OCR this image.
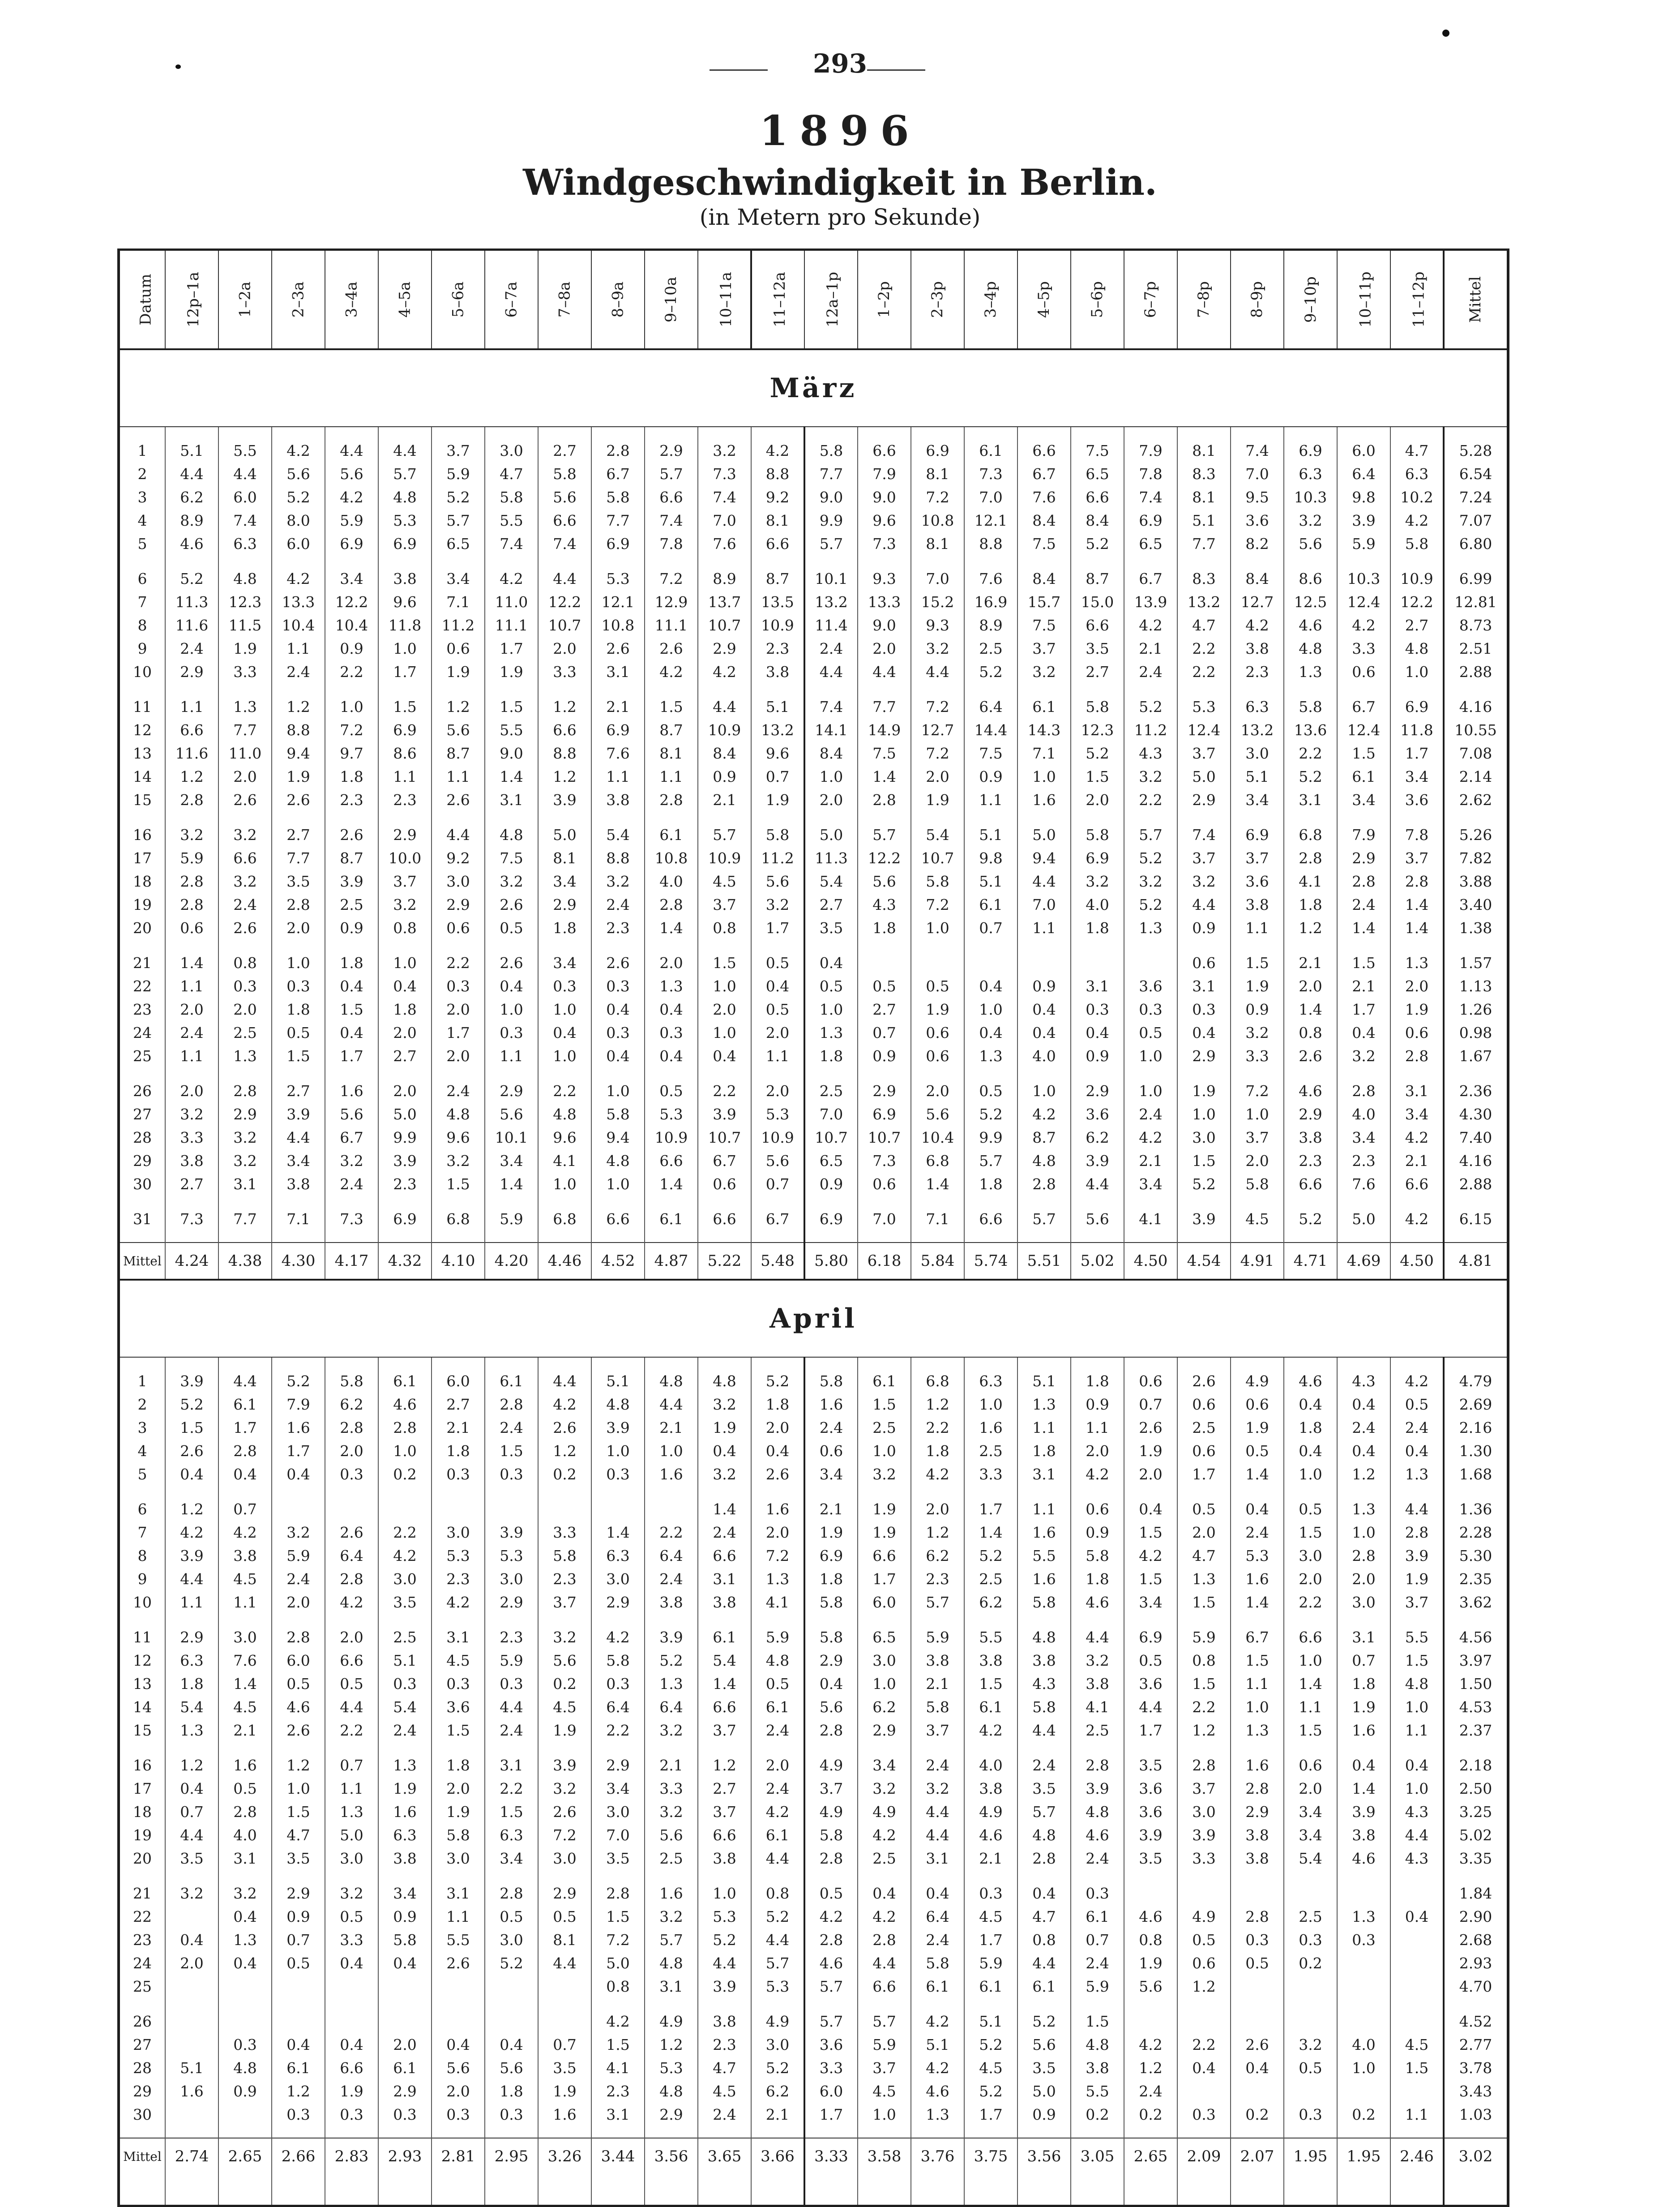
293
1896
Windgeschwindigkeit in Berlin.
(in Metern pro Sekunde)
Datum	12p–1a	1–2a	2–3a	3–4a	4–5a	5–6a	6–7a	7–8a	8–9a	9–10a	10–11a	11–12a	12a–1p	1–2p	2–3p	3–4p	4–5p	5–6p	6–7p	7–8p	8–9p	9–10p	10–11p	11–12p	Mittel
März																									

1	5.1	5.5	4.2	4.4	4.4	3.7	3.0	2.7	2.8	2.9	3.2	4.2	5.8	6.6	6.9	6.1	6.6	7.5	7.9	8.1	7.4	6.9	6.0	4.7	5.28
2	4.4	4.4	5.6	5.6	5.7	5.9	4.7	5.8	6.7	5.7	7.3	8.8	7.7	7.9	8.1	7.3	6.7	6.5	7.8	8.3	7.0	6.3	6.4	6.3	6.54
3	6.2	6.0	5.2	4.2	4.8	5.2	5.8	5.6	5.8	6.6	7.4	9.2	9.0	9.0	7.2	7.0	7.6	6.6	7.4	8.1	9.5	10.3	9.8	10.2	7.24
4	8.9	7.4	8.0	5.9	5.3	5.7	5.5	6.6	7.7	7.4	7.0	8.1	9.9	9.6	10.8	12.1	8.4	8.4	6.9	5.1	3.6	3.2	3.9	4.2	7.07
5	4.6	6.3	6.0	6.9	6.9	6.5	7.4	7.4	6.9	7.8	7.6	6.6	5.7	7.3	8.1	8.8	7.5	5.2	6.5	7.7	8.2	5.6	5.9	5.8	6.80

6	5.2	4.8	4.2	3.4	3.8	3.4	4.2	4.4	5.3	7.2	8.9	8.7	10.1	9.3	7.0	7.6	8.4	8.7	6.7	8.3	8.4	8.6	10.3	10.9	6.99
7	11.3	12.3	13.3	12.2	9.6	7.1	11.0	12.2	12.1	12.9	13.7	13.5	13.2	13.3	15.2	16.9	15.7	15.0	13.9	13.2	12.7	12.5	12.4	12.2	12.81
8	11.6	11.5	10.4	10.4	11.8	11.2	11.1	10.7	10.8	11.1	10.7	10.9	11.4	9.0	9.3	8.9	7.5	6.6	4.2	4.7	4.2	4.6	4.2	2.7	8.73
9	2.4	1.9	1.1	0.9	1.0	0.6	1.7	2.0	2.6	2.6	2.9	2.3	2.4	2.0	3.2	2.5	3.7	3.5	2.1	2.2	3.8	4.8	3.3	4.8	2.51
10	2.9	3.3	2.4	2.2	1.7	1.9	1.9	3.3	3.1	4.2	4.2	3.8	4.4	4.4	4.4	5.2	3.2	2.7	2.4	2.2	2.3	1.3	0.6	1.0	2.88

11	1.1	1.3	1.2	1.0	1.5	1.2	1.5	1.2	2.1	1.5	4.4	5.1	7.4	7.7	7.2	6.4	6.1	5.8	5.2	5.3	6.3	5.8	6.7	6.9	4.16
12	6.6	7.7	8.8	7.2	6.9	5.6	5.5	6.6	6.9	8.7	10.9	13.2	14.1	14.9	12.7	14.4	14.3	12.3	11.2	12.4	13.2	13.6	12.4	11.8	10.55
13	11.6	11.0	9.4	9.7	8.6	8.7	9.0	8.8	7.6	8.1	8.4	9.6	8.4	7.5	7.2	7.5	7.1	5.2	4.3	3.7	3.0	2.2	1.5	1.7	7.08
14	1.2	2.0	1.9	1.8	1.1	1.1	1.4	1.2	1.1	1.1	0.9	0.7	1.0	1.4	2.0	0.9	1.0	1.5	3.2	5.0	5.1	5.2	6.1	3.4	2.14
15	2.8	2.6	2.6	2.3	2.3	2.6	3.1	3.9	3.8	2.8	2.1	1.9	2.0	2.8	1.9	1.1	1.6	2.0	2.2	2.9	3.4	3.1	3.4	3.6	2.62

16	3.2	3.2	2.7	2.6	2.9	4.4	4.8	5.0	5.4	6.1	5.7	5.8	5.0	5.7	5.4	5.1	5.0	5.8	5.7	7.4	6.9	6.8	7.9	7.8	5.26
17	5.9	6.6	7.7	8.7	10.0	9.2	7.5	8.1	8.8	10.8	10.9	11.2	11.3	12.2	10.7	9.8	9.4	6.9	5.2	3.7	3.7	2.8	2.9	3.7	7.82
18	2.8	3.2	3.5	3.9	3.7	3.0	3.2	3.4	3.2	4.0	4.5	5.6	5.4	5.6	5.8	5.1	4.4	3.2	3.2	3.2	3.6	4.1	2.8	2.8	3.88
19	2.8	2.4	2.8	2.5	3.2	2.9	2.6	2.9	2.4	2.8	3.7	3.2	2.7	4.3	7.2	6.1	7.0	4.0	5.2	4.4	3.8	1.8	2.4	1.4	3.40
20	0.6	2.6	2.0	0.9	0.8	0.6	0.5	1.8	2.3	1.4	0.8	1.7	3.5	1.8	1.0	0.7	1.1	1.8	1.3	0.9	1.1	1.2	1.4	1.4	1.38

21	1.4	0.8	1.0	1.8	1.0	2.2	2.6	3.4	2.6	2.0	1.5	0.5	0.4							0.6	1.5	2.1	1.5	1.3	1.57
22	1.1	0.3	0.3	0.4	0.4	0.3	0.4	0.3	0.3	1.3	1.0	0.4	0.5	0.5	0.5	0.4	0.9	3.1	3.6	3.1	1.9	2.0	2.1	2.0	1.13
23	2.0	2.0	1.8	1.5	1.8	2.0	1.0	1.0	0.4	0.4	2.0	0.5	1.0	2.7	1.9	1.0	0.4	0.3	0.3	0.3	0.9	1.4	1.7	1.9	1.26
24	2.4	2.5	0.5	0.4	2.0	1.7	0.3	0.4	0.3	0.3	1.0	2.0	1.3	0.7	0.6	0.4	0.4	0.4	0.5	0.4	3.2	0.8	0.4	0.6	0.98
25	1.1	1.3	1.5	1.7	2.7	2.0	1.1	1.0	0.4	0.4	0.4	1.1	1.8	0.9	0.6	1.3	4.0	0.9	1.0	2.9	3.3	2.6	3.2	2.8	1.67

26	2.0	2.8	2.7	1.6	2.0	2.4	2.9	2.2	1.0	0.5	2.2	2.0	2.5	2.9	2.0	0.5	1.0	2.9	1.0	1.9	7.2	4.6	2.8	3.1	2.36
27	3.2	2.9	3.9	5.6	5.0	4.8	5.6	4.8	5.8	5.3	3.9	5.3	7.0	6.9	5.6	5.2	4.2	3.6	2.4	1.0	1.0	2.9	4.0	3.4	4.30
28	3.3	3.2	4.4	6.7	9.9	9.6	10.1	9.6	9.4	10.9	10.7	10.9	10.7	10.7	10.4	9.9	8.7	6.2	4.2	3.0	3.7	3.8	3.4	4.2	7.40
29	3.8	3.2	3.4	3.2	3.9	3.2	3.4	4.1	4.8	6.6	6.7	5.6	6.5	7.3	6.8	5.7	4.8	3.9	2.1	1.5	2.0	2.3	2.3	2.1	4.16
30	2.7	3.1	3.8	2.4	2.3	1.5	1.4	1.0	1.0	1.4	0.6	0.7	0.9	0.6	1.4	1.8	2.8	4.4	3.4	5.2	5.8	6.6	7.6	6.6	2.88

31	7.3	7.7	7.1	7.3	6.9	6.8	5.9	6.8	6.6	6.1	6.6	6.7	6.9	7.0	7.1	6.6	5.7	5.6	4.1	3.9	4.5	5.2	5.0	4.2	6.15

Mittel	4.24	4.38	4.30	4.17	4.32	4.10	4.20	4.46	4.52	4.87	5.22	5.48	5.80	6.18	5.84	5.74	5.51	5.02	4.50	4.54	4.91	4.71	4.69	4.50	4.81
April																									

1	3.9	4.4	5.2	5.8	6.1	6.0	6.1	4.4	5.1	4.8	4.8	5.2	5.8	6.1	6.8	6.3	5.1	1.8	0.6	2.6	4.9	4.6	4.3	4.2	4.79
2	5.2	6.1	7.9	6.2	4.6	2.7	2.8	4.2	4.8	4.4	3.2	1.8	1.6	1.5	1.2	1.0	1.3	0.9	0.7	0.6	0.6	0.4	0.4	0.5	2.69
3	1.5	1.7	1.6	2.8	2.8	2.1	2.4	2.6	3.9	2.1	1.9	2.0	2.4	2.5	2.2	1.6	1.1	1.1	2.6	2.5	1.9	1.8	2.4	2.4	2.16
4	2.6	2.8	1.7	2.0	1.0	1.8	1.5	1.2	1.0	1.0	0.4	0.4	0.6	1.0	1.8	2.5	1.8	2.0	1.9	0.6	0.5	0.4	0.4	0.4	1.30
5	0.4	0.4	0.4	0.3	0.2	0.3	0.3	0.2	0.3	1.6	3.2	2.6	3.4	3.2	4.2	3.3	3.1	4.2	2.0	1.7	1.4	1.0	1.2	1.3	1.68

6	1.2	0.7									1.4	1.6	2.1	1.9	2.0	1.7	1.1	0.6	0.4	0.5	0.4	0.5	1.3	4.4	1.36
7	4.2	4.2	3.2	2.6	2.2	3.0	3.9	3.3	1.4	2.2	2.4	2.0	1.9	1.9	1.2	1.4	1.6	0.9	1.5	2.0	2.4	1.5	1.0	2.8	2.28
8	3.9	3.8	5.9	6.4	4.2	5.3	5.3	5.8	6.3	6.4	6.6	7.2	6.9	6.6	6.2	5.2	5.5	5.8	4.2	4.7	5.3	3.0	2.8	3.9	5.30
9	4.4	4.5	2.4	2.8	3.0	2.3	3.0	2.3	3.0	2.4	3.1	1.3	1.8	1.7	2.3	2.5	1.6	1.8	1.5	1.3	1.6	2.0	2.0	1.9	2.35
10	1.1	1.1	2.0	4.2	3.5	4.2	2.9	3.7	2.9	3.8	3.8	4.1	5.8	6.0	5.7	6.2	5.8	4.6	3.4	1.5	1.4	2.2	3.0	3.7	3.62

11	2.9	3.0	2.8	2.0	2.5	3.1	2.3	3.2	4.2	3.9	6.1	5.9	5.8	6.5	5.9	5.5	4.8	4.4	6.9	5.9	6.7	6.6	3.1	5.5	4.56
12	6.3	7.6	6.0	6.6	5.1	4.5	5.9	5.6	5.8	5.2	5.4	4.8	2.9	3.0	3.8	3.8	3.8	3.2	0.5	0.8	1.5	1.0	0.7	1.5	3.97
13	1.8	1.4	0.5	0.5	0.3	0.3	0.3	0.2	0.3	1.3	1.4	0.5	0.4	1.0	2.1	1.5	4.3	3.8	3.6	1.5	1.1	1.4	1.8	4.8	1.50
14	5.4	4.5	4.6	4.4	5.4	3.6	4.4	4.5	6.4	6.4	6.6	6.1	5.6	6.2	5.8	6.1	5.8	4.1	4.4	2.2	1.0	1.1	1.9	1.0	4.53
15	1.3	2.1	2.6	2.2	2.4	1.5	2.4	1.9	2.2	3.2	3.7	2.4	2.8	2.9	3.7	4.2	4.4	2.5	1.7	1.2	1.3	1.5	1.6	1.1	2.37

16	1.2	1.6	1.2	0.7	1.3	1.8	3.1	3.9	2.9	2.1	1.2	2.0	4.9	3.4	2.4	4.0	2.4	2.8	3.5	2.8	1.6	0.6	0.4	0.4	2.18
17	0.4	0.5	1.0	1.1	1.9	2.0	2.2	3.2	3.4	3.3	2.7	2.4	3.7	3.2	3.2	3.8	3.5	3.9	3.6	3.7	2.8	2.0	1.4	1.0	2.50
18	0.7	2.8	1.5	1.3	1.6	1.9	1.5	2.6	3.0	3.2	3.7	4.2	4.9	4.9	4.4	4.9	5.7	4.8	3.6	3.0	2.9	3.4	3.9	4.3	3.25
19	4.4	4.0	4.7	5.0	6.3	5.8	6.3	7.2	7.0	5.6	6.6	6.1	5.8	4.2	4.4	4.6	4.8	4.6	3.9	3.9	3.8	3.4	3.8	4.4	5.02
20	3.5	3.1	3.5	3.0	3.8	3.0	3.4	3.0	3.5	2.5	3.8	4.4	2.8	2.5	3.1	2.1	2.8	2.4	3.5	3.3	3.8	5.4	4.6	4.3	3.35

21	3.2	3.2	2.9	3.2	3.4	3.1	2.8	2.9	2.8	1.6	1.0	0.8	0.5	0.4	0.4	0.3	0.4	0.3							1.84
22		0.4	0.9	0.5	0.9	1.1	0.5	0.5	1.5	3.2	5.3	5.2	4.2	4.2	6.4	4.5	4.7	6.1	4.6	4.9	2.8	2.5	1.3	0.4	2.90
23	0.4	1.3	0.7	3.3	5.8	5.5	3.0	8.1	7.2	5.7	5.2	4.4	2.8	2.8	2.4	1.7	0.8	0.7	0.8	0.5	0.3	0.3	0.3		2.68
24	2.0	0.4	0.5	0.4	0.4	2.6	5.2	4.4	5.0	4.8	4.4	5.7	4.6	4.4	5.8	5.9	4.4	2.4	1.9	0.6	0.5	0.2			2.93
25									0.8	3.1	3.9	5.3	5.7	6.6	6.1	6.1	6.1	5.9	5.6	1.2					4.70

26									4.2	4.9	3.8	4.9	5.7	5.7	4.2	5.1	5.2	1.5							4.52
27		0.3	0.4	0.4	2.0	0.4	0.4	0.7	1.5	1.2	2.3	3.0	3.6	5.9	5.1	5.2	5.6	4.8	4.2	2.2	2.6	3.2	4.0	4.5	2.77
28	5.1	4.8	6.1	6.6	6.1	5.6	5.6	3.5	4.1	5.3	4.7	5.2	3.3	3.7	4.2	4.5	3.5	3.8	1.2	0.4	0.4	0.5	1.0	1.5	3.78
29	1.6	0.9	1.2	1.9	2.9	2.0	1.8	1.9	2.3	4.8	4.5	6.2	6.0	4.5	4.6	5.2	5.0	5.5	2.4						3.43
30			0.3	0.3	0.3	0.3	0.3	1.6	3.1	2.9	2.4	2.1	1.7	1.0	1.3	1.7	0.9	0.2	0.2	0.3	0.2	0.3	0.2	1.1	1.03

Mittel	2.74	2.65	2.66	2.83	2.93	2.81	2.95	3.26	3.44	3.56	3.65	3.66	3.33	3.58	3.76	3.75	3.56	3.05	2.65	2.09	2.07	1.95	1.95	2.46	3.02
